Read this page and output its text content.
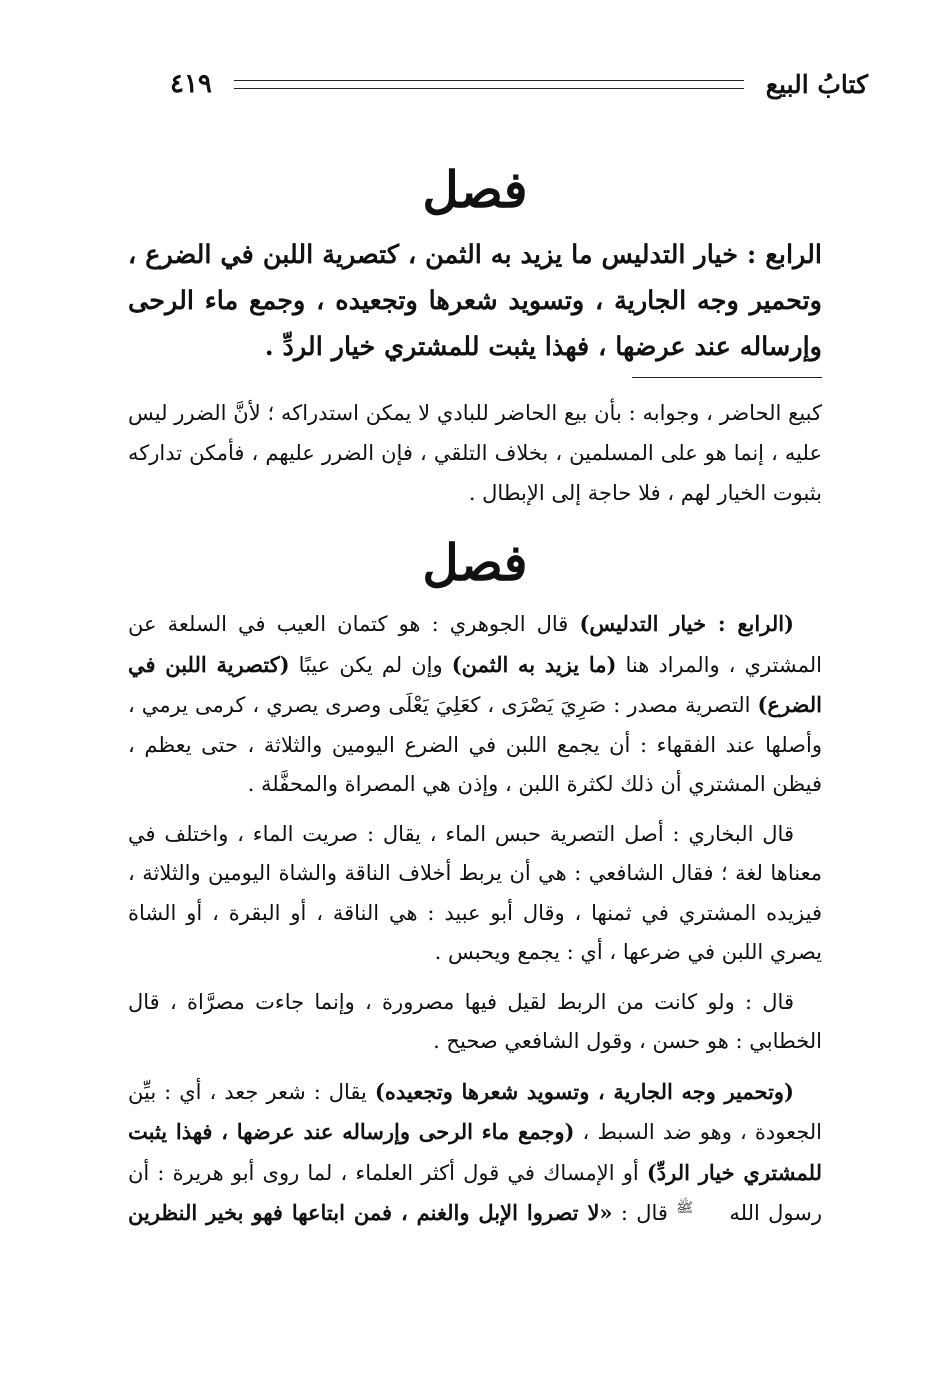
كتابُ البيع
٤١٩
فصل
الرابع : خيار التدليس ما يزيد به الثمن ، كتصرية اللبن في الضرع ، وتحمير وجه الجارية ، وتسويد شعرها وتجعيده ، وجمع ماء الرحى وإرساله عند عرضها ، فهذا يثبت للمشتري خيار الردِّ .
كبيع الحاضر ، وجوابه : بأن بيع الحاضر للبادي لا يمكن استدراكه ؛ لأنَّ الضرر ليس عليه ، إنما هو على المسلمين ، بخلاف التلقي ، فإن الضرر عليهم ، فأمكن تداركه بثبوت الخيار لهم ، فلا حاجة إلى الإبطال .
فصل

(الرابع : خيار التدليس) قال الجوهري : هو كتمان العيب في السلعة عن المشتري ، والمراد هنا (ما يزيد به الثمن) وإن لم يكن عيبًا (كتصرية اللبن في الضرع) التصرية مصدر : صَرِيَ يَصْرَى ، كعَلِيَ يَعْلَى وصرى يصري ، كرمى يرمي ، وأصلها عند الفقهاء : أن يجمع اللبن في الضرع اليومين والثلاثة ، حتى يعظم ، فيظن المشتري أن ذلك لكثرة اللبن ، وإذن هي المصراة والمحفَّلة .

قال البخاري : أصل التصرية حبس الماء ، يقال : صريت الماء ، واختلف في معناها لغة ؛ فقال الشافعي : هي أن يربط أخلاف الناقة والشاة اليومين والثلاثة ، فيزيده المشتري في ثمنها ، وقال أبو عبيد : هي الناقة ، أو البقرة ، أو الشاة يصري اللبن في ضرعها ، أي : يجمع ويحبس .

قال : ولو كانت من الربط لقيل فيها مصرورة ، وإنما جاءت مصرَّاة ، قال الخطابي : هو حسن ، وقول الشافعي صحيح .

(وتحمير وجه الجارية ، وتسويد شعرها وتجعيده) يقال : شعر جعد ، أي : بيِّن الجعودة ، وهو ضد السبط ، (وجمع ماء الرحى وإرساله عند عرضها ، فهذا يثبت للمشتري خيار الردِّ) أو الإمساك في قول أكثر العلماء ، لما روى أبو هريرة : أن رسول الله ﷺ قال : «لا تصروا الإبل والغنم ، فمن ابتاعها فهو بخير النظرين
